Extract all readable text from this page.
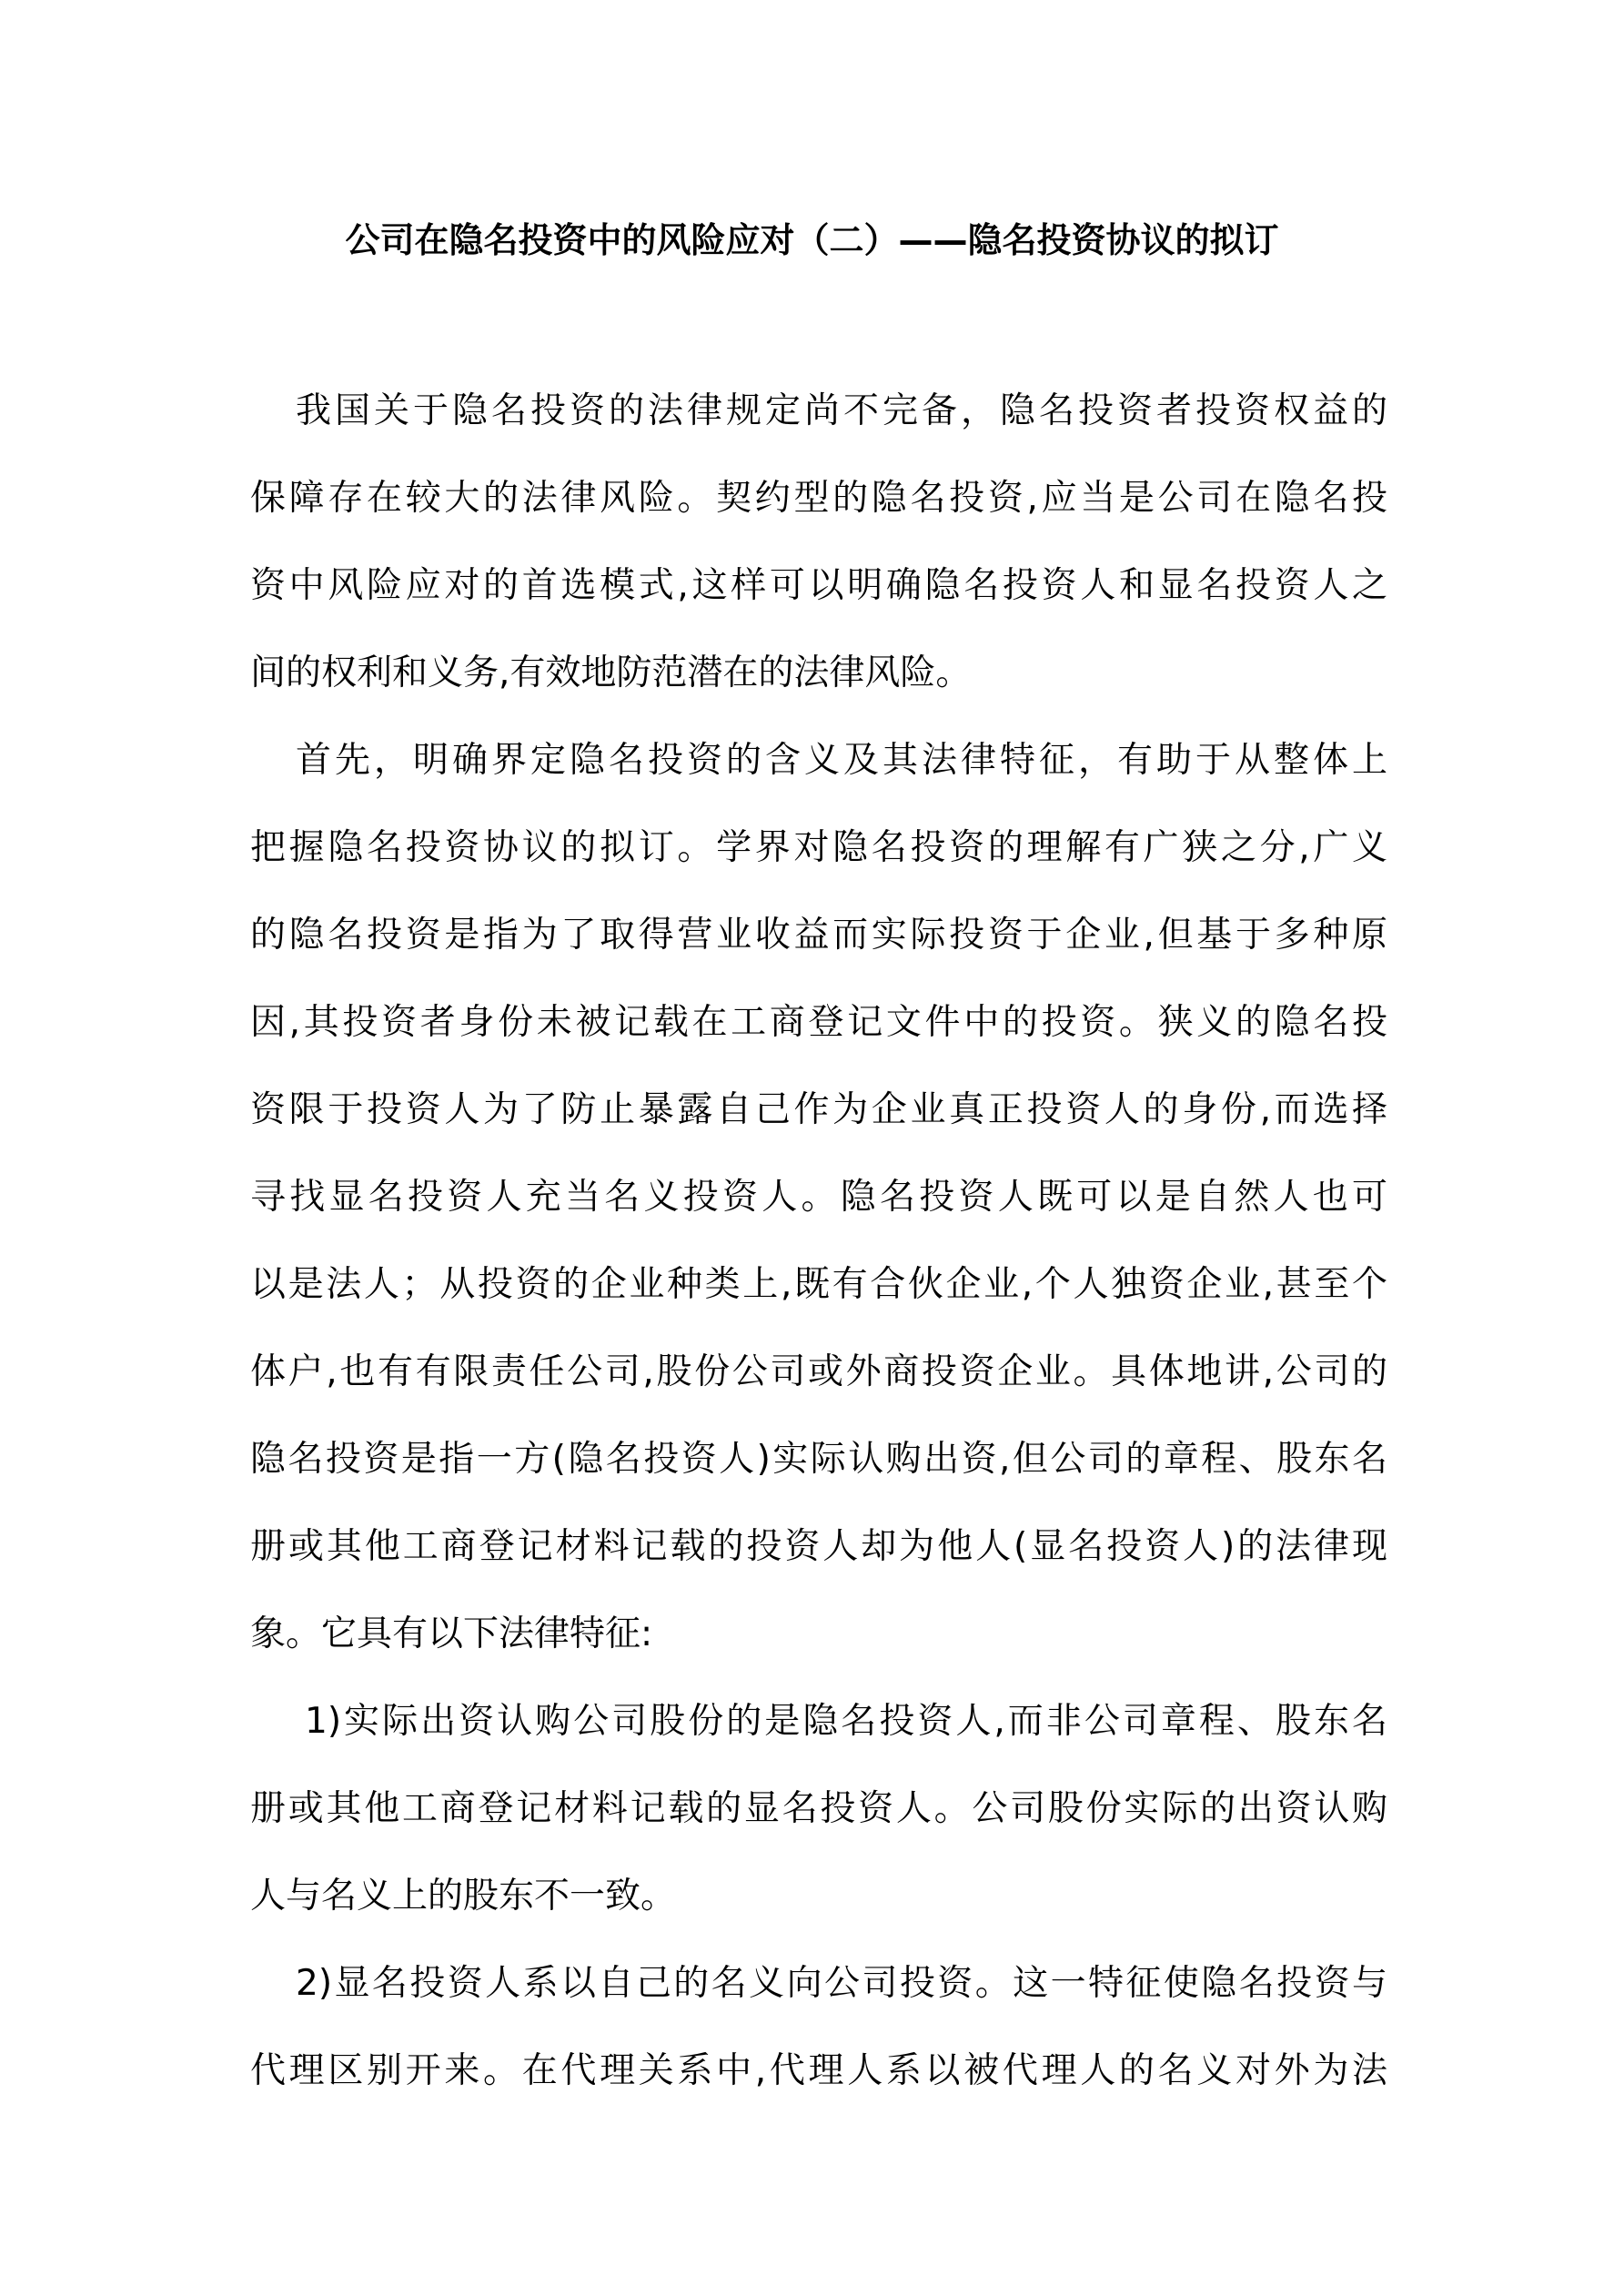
公司在隐名投资中的风险应对（二）——隐名投资协议的拟订
我国关于隐名投资的法律规定尚不完备，隐名投资者投资权益的
保障存在较大的法律风险。契约型的隐名投资,应当是公司在隐名投
资中风险应对的首选模式,这样可以明确隐名投资人和显名投资人之
间的权利和义务,有效地防范潜在的法律风险。
首先，明确界定隐名投资的含义及其法律特征，有助于从整体上
把握隐名投资协议的拟订。学界对隐名投资的理解有广狭之分,广义
的隐名投资是指为了取得营业收益而实际投资于企业,但基于多种原
因,其投资者身份未被记载在工商登记文件中的投资。狭义的隐名投
资限于投资人为了防止暴露自己作为企业真正投资人的身份,而选择
寻找显名投资人充当名义投资人。隐名投资人既可以是自然人也可
以是法人；从投资的企业种类上,既有合伙企业,个人独资企业,甚至个
体户,也有有限责任公司,股份公司或外商投资企业。具体地讲,公司的
隐名投资是指一方(隐名投资人)实际认购出资,但公司的章程、股东名
册或其他工商登记材料记载的投资人却为他人(显名投资人)的法律现
象。它具有以下法律特征:
1)实际出资认购公司股份的是隐名投资人,而非公司章程、股东名
册或其他工商登记材料记载的显名投资人。公司股份实际的出资认购
人与名义上的股东不一致。
2)显名投资人系以自己的名义向公司投资。这一特征使隐名投资与
代理区别开来。在代理关系中,代理人系以被代理人的名义对外为法
